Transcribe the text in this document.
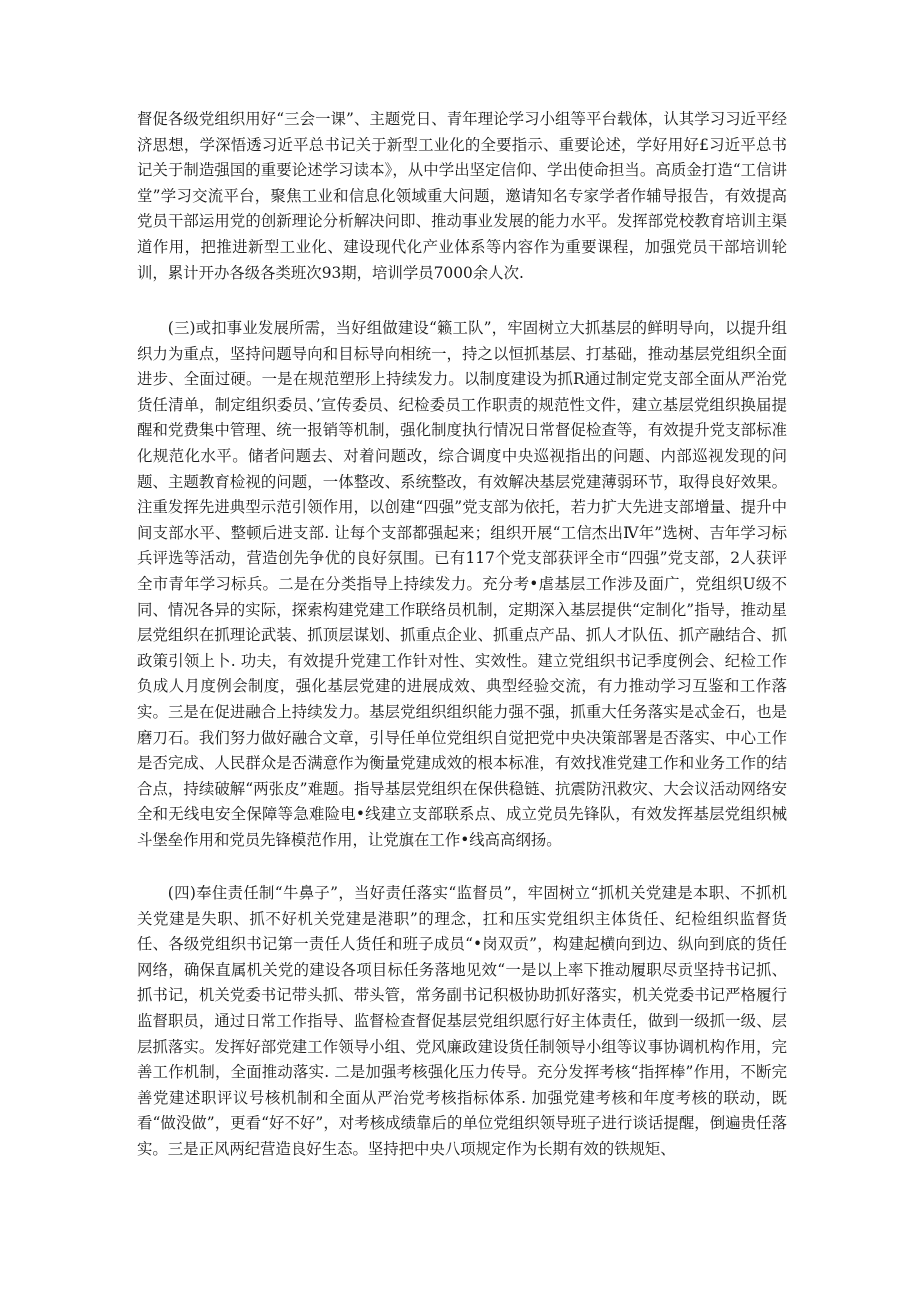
督促各级党组织用好“三会一课”、主题党日、青年理论学习小组等平台载体，认其学习习近平经济思想，学深悟透习近平总书记关于新型工业化的全要指示、重要论述，学好用好£习近平总书记关于制造强国的重要论述学习读本》，从中学出坚定信仰、学出使命担当。高质金打造“工信讲堂”学习交流平台，聚焦工业和信息化领域重大问题，邀请知名专家学者作辅导报告，有效提高党员干部运用党的创新理论分析解决问即、推动事业发展的能力水平。发挥部党校教育培训主渠道作用，把推进新型工业化、建设现代化产业体系等内容作为重要课程，加强党员干部培训轮训，累计开办各级各类班次93期，培训学员7000余人次.

(三)或扣事业发展所需，当好组做建设“籁工队”，牢固树立大抓基层的鲜明导向，以提升组织力为重点，坚持问题导向和目标导向相统一，持之以恒抓基层、打基础，推动基层党组织全面进步、全面过硬。一是在规范塑形上持续发力。以制度建设为抓R通过制定党支部全面从严治党货任清单，制定组织委员、’宣传委员、纪检委员工作职责的规范性文件，建立基层党组织换届提醒和党费集中管理、统一报销等机制，强化制度执行情况日常督促检查等，有效提升党支部标准化规范化水平。储者问题去、对着问题改，综合调度中央巡视指出的问题、内部巡视发现的问题、主题教育检视的问题，一体整改、系统整改，有效解决基层党建薄弱环节，取得良好效果。注重发挥先进典型示范引领作用，以创建“四强”党支部为依托，若力扩大先进支部增量、提升中间支部水平、整顿后进支部. 让每个支部都强起来；组织开展“工信杰出Ⅳ年”选树、吉年学习标兵评选等活动，营造创先争优的良好氛围。已有117个党支部获评全市“四强”党支部，2人获评全市青年学习标兵。二是在分类指导上持续发力。充分考•虐基层工作涉及面广，党组织U级不同、情况各异的实际，探索构建党建工作联络员机制，定期深入基层提供“定制化”指导，推动星层党组织在抓理论武装、抓顶层谋划、抓重点企业、抓重点产品、抓人才队伍、抓产融结合、抓政策引领上卜. 功夫，有效提升党建工作针对性、实效性。建立党组织书记季度例会、纪检工作负成人月度例会制度，强化基层党建的进展成效、典型经验交流，有力推动学习互鉴和工作落实。三是在促进融合上持续发力。基层党组织组织能力强不强，抓重大任务落实是忒金石，也是磨刀石。我们努力做好融合文章，引导任单位党组织自觉把党中央决策部署是否落实、中心工作是否完成、人民群众是否满意作为衡量党建成效的根本标准，有效找准党建工作和业务工作的结合点，持续破解“两张皮”难题。指导基层党组织在保供稳链、抗震防汛救灾、大会议活动网络安全和无线电安全保障等急难险电•线建立支部联系点、成立党员先锋队，有效发挥基层党组织械斗堡垒作用和党员先锋模范作用，让党旗在工作•线高高纲扬。

(四)奉住责任制“牛鼻子”，当好责任落实“监督员”，牢固树立“抓机关党建是本职、不抓机关党建是失职、抓不好机关党建是港职”的理念，扛和压实党组织主体货任、纪检组织监督货任、各级党组织书记第一责任人货任和班子成员“•岗双贡”，构建起横向到边、纵向到底的货任网络，确保直属机关党的建设各项目标任务落地见效“一是以上率下推动履职尽贡坚持书记抓、抓书记，机关党委书记带头抓、带头管，常务副书记积极协助抓好落实，机关党委书记严格履行监督职员，通过日常工作指导、监督检查督促基层党组织愿行好主体责任，做到一级抓一级、层层抓落实。发挥好部党建工作领导小组、党风廉政建设货任制领导小组等议事协调机构作用，完善工作机制，全面推动落实. 二是加强考核强化压力传导。充分发挥考核“指挥棒”作用，不断完善党建述职评议号核机制和全面从严治党考核指标体系. 加强党建考核和年度考核的联动，既看“做没做”，更看“好不好”，对考核成绩靠后的单位党组织领导班子进行谈话提醒，倒遍贵任落实。三是正风两纪营造良好生态。坚持把中央八项规定作为长期有效的铁规矩、
